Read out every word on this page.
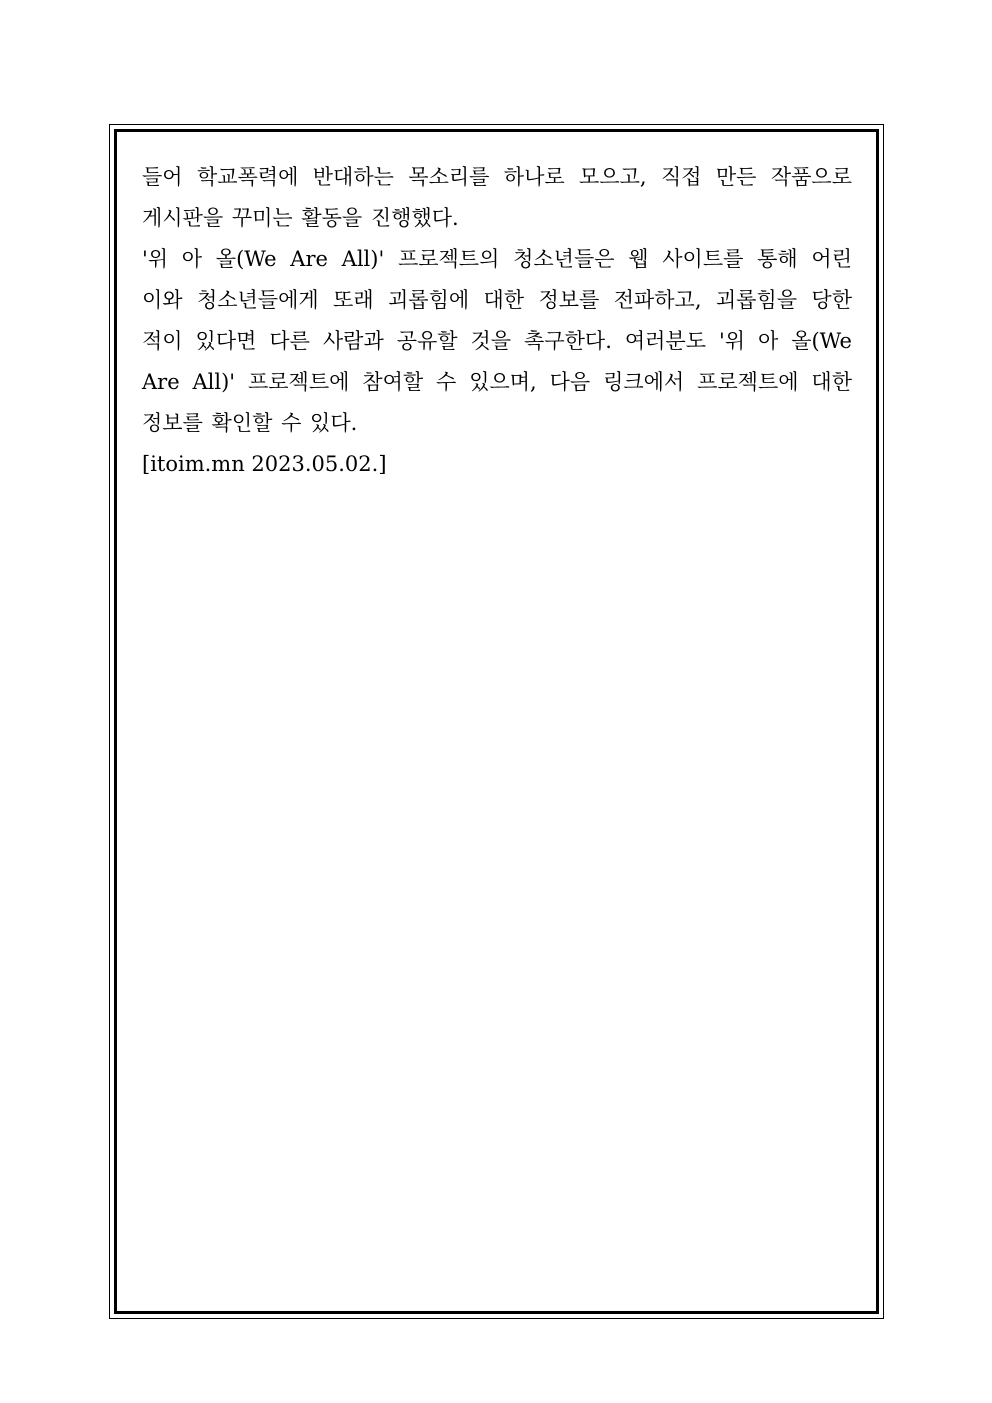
들어 학교폭력에 반대하는 목소리를 하나로 모으고, 직접 만든 작품으로
게시판을 꾸미는 활동을 진행했다.

'위 아 올(We Are All)' 프로젝트의 청소년들은 웹 사이트를 통해 어린
이와 청소년들에게 또래 괴롭힘에 대한 정보를 전파하고, 괴롭힘을 당한
적이 있다면 다른 사람과 공유할 것을 촉구한다. 여러분도 '위 아 올(We
Are All)' 프로젝트에 참여할 수 있으며, 다음 링크에서 프로젝트에 대한
정보를 확인할 수 있다.

[itoim.mn 2023.05.02.]
